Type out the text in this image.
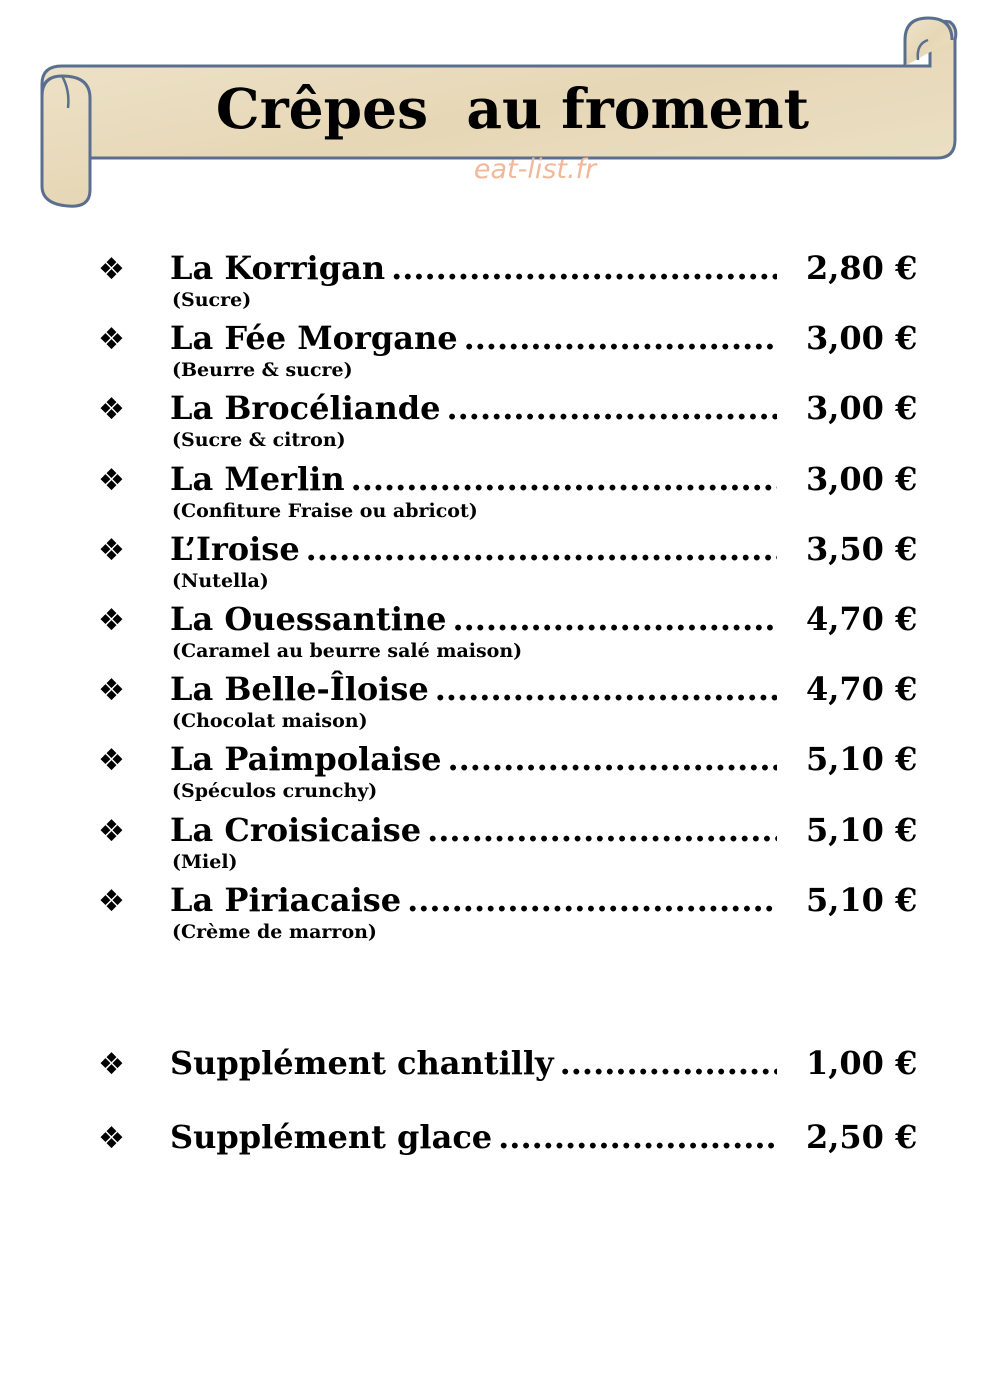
Crêpes  au froment
eat-list.fr
❖ La Korrigan .....	2,80 €
(Sucre)
❖ La Fée Morgane .....	3,00 €
(Beurre & sucre)
❖ La Brocéliande .....	3,00 €
(Sucre & citron)
❖ La Merlin .....	3,00 €
(Confiture Fraise ou abricot)
❖ L’Iroise .....	3,50 €
(Nutella)
❖ La Ouessantine .....	4,70 €
(Caramel au beurre salé maison)
❖ La Belle-Îloise .....	4,70 €
(Chocolat maison)
❖ La Paimpolaise .....	5,10 €
(Spéculos crunchy)
❖ La Croisicaise .....	5,10 €
(Miel)
❖ La Piriacaise .....	5,10 €
(Crème de marron)
❖ Supplément chantilly .....	1,00 €
❖ Supplément glace .....	2,50 €
